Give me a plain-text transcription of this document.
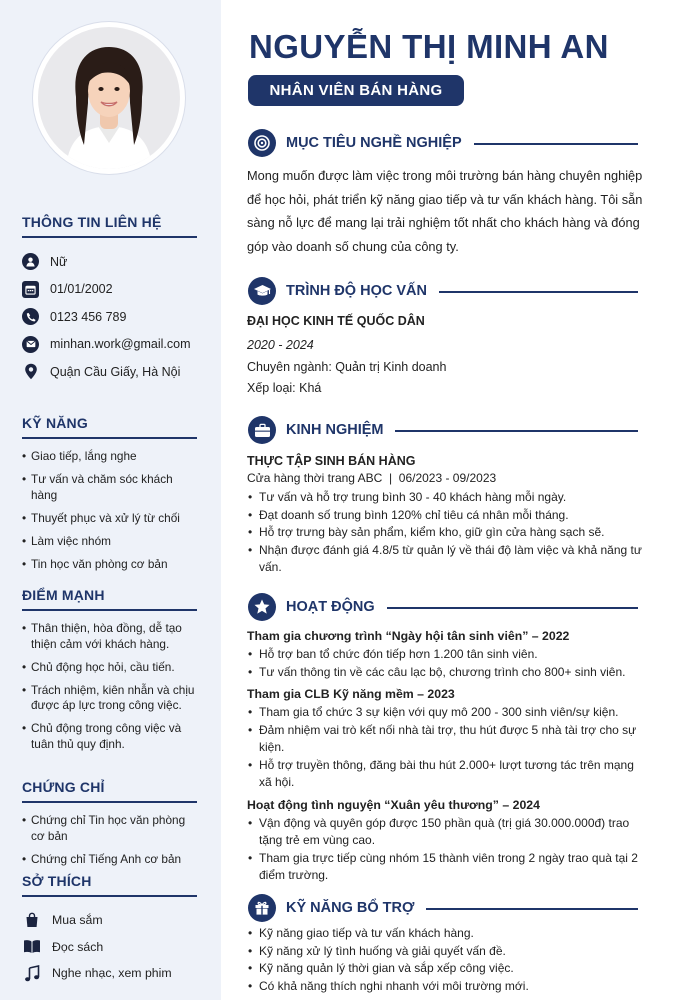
THÔNG TIN LIÊN HỆ
Nữ
01/01/2002
0123 456 789
minhan.work@gmail.com
Quận Cầu Giấy, Hà Nội
KỸ NĂNG
• Giao tiếp, lắng nghe
• Tư vấn và chăm sóc khách hàng
• Thuyết phục và xử lý từ chối
• Làm việc nhóm
• Tin học văn phòng cơ bản
ĐIỂM MẠNH
• Thân thiện, hòa đồng, dễ tạo thiện cảm với khách hàng.
• Chủ động học hỏi, cầu tiến.
• Trách nhiệm, kiên nhẫn và chịu được áp lực trong công việc.
• Chủ động trong công việc và tuân thủ quy định.
CHỨNG CHỈ
• Chứng chỉ Tin học văn phòng cơ bản
• Chứng chỉ Tiếng Anh cơ bản
SỞ THÍCH
Mua sắm
Đọc sách
Nghe nhạc, xem phim
NGUYỄN THỊ MINH AN
NHÂN VIÊN BÁN HÀNG
MỤC TIÊU NGHỀ NGHIỆP
Mong muốn được làm việc trong môi trường bán hàng chuyên nghiệp để học hỏi, phát triển kỹ năng giao tiếp và tư vấn khách hàng. Tôi sẵn sàng nỗ lực để mang lại trải nghiệm tốt nhất cho khách hàng và đóng góp vào doanh số chung của công ty.
TRÌNH ĐỘ HỌC VẤN
ĐẠI HỌC KINH TẾ QUỐC DÂN
2020 - 2024
Chuyên ngành: Quản trị Kinh doanh
Xếp loại: Khá
KINH NGHIỆM
THỰC TẬP SINH BÁN HÀNG
Cửa hàng thời trang ABC  |  06/2023 - 09/2023
• Tư vấn và hỗ trợ trung bình 30 - 40 khách hàng mỗi ngày.
• Đạt doanh số trung bình 120% chỉ tiêu cá nhân mỗi tháng.
• Hỗ trợ trưng bày sản phẩm, kiểm kho, giữ gìn cửa hàng sạch sẽ.
• Nhận được đánh giá 4.8/5 từ quản lý về thái độ làm việc và khả năng tư vấn.
HOẠT ĐỘNG
Tham gia chương trình “Ngày hội tân sinh viên” – 2022
• Hỗ trợ ban tổ chức đón tiếp hơn 1.200 tân sinh viên.
• Tư vấn thông tin về các câu lạc bộ, chương trình cho 800+ sinh viên.
Tham gia CLB Kỹ năng mềm – 2023
• Tham gia tổ chức 3 sự kiện với quy mô 200 - 300 sinh viên/sự kiện.
• Đảm nhiệm vai trò kết nối nhà tài trợ, thu hút được 5 nhà tài trợ cho sự kiện.
• Hỗ trợ truyền thông, đăng bài thu hút 2.000+ lượt tương tác trên mạng xã hội.
Hoạt động tình nguyện “Xuân yêu thương” – 2024
• Vận động và quyên góp được 150 phần quà (trị giá 30.000.000đ) trao tặng trẻ em vùng cao.
• Tham gia trực tiếp cùng nhóm 15 thành viên trong 2 ngày trao quà tại 2 điểm trường.
KỸ NĂNG BỔ TRỢ
• Kỹ năng giao tiếp và tư vấn khách hàng.
• Kỹ năng xử lý tình huống và giải quyết vấn đề.
• Kỹ năng quản lý thời gian và sắp xếp công việc.
• Có khả năng thích nghi nhanh với môi trường mới.
